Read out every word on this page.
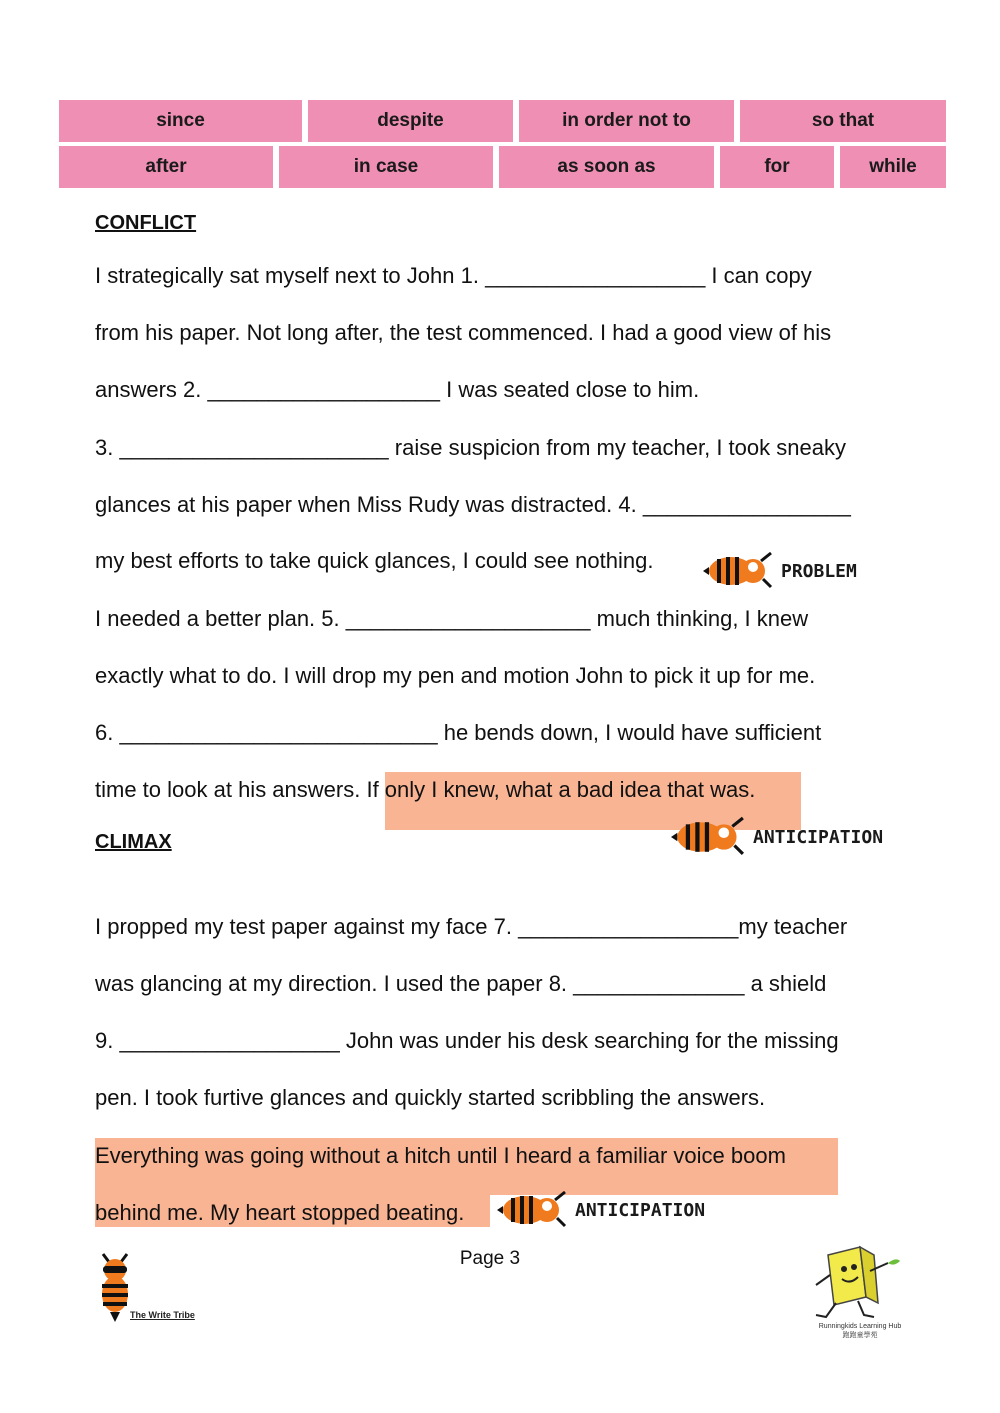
since	despite	in order not to	so that
after	in case	as soon as	for	while
CONFLICT
I strategically sat myself next to John 1. __________________ I can copy
from his paper. Not long after, the test commenced. I had a good view of his
answers 2. ___________________ I was seated close to him.
3. ______________________ raise suspicion from my teacher, I took sneaky
glances at his paper when Miss Rudy was distracted. 4. _________________
my best efforts to take quick glances, I could see nothing.	PROBLEM
I needed a better plan. 5. ____________________ much thinking, I knew
exactly what to do. I will drop my pen and motion John to pick it up for me.
6. __________________________ he bends down, I would have sufficient
time to look at his answers. If only I knew, what a bad idea that was.
CLIMAX	ANTICIPATION
I propped my test paper against my face 7. __________________my teacher
was glancing at my direction. I used the paper 8. ______________ a shield
9. __________________ John was under his desk searching for the missing
pen. I took furtive glances and quickly started scribbling the answers.
Everything was going without a hitch until I heard a familiar voice boom
behind me. My heart stopped beating.	ANTICIPATION
Page 3
The Write Tribe
Runningkids Learning Hub
跑跑童學苑
